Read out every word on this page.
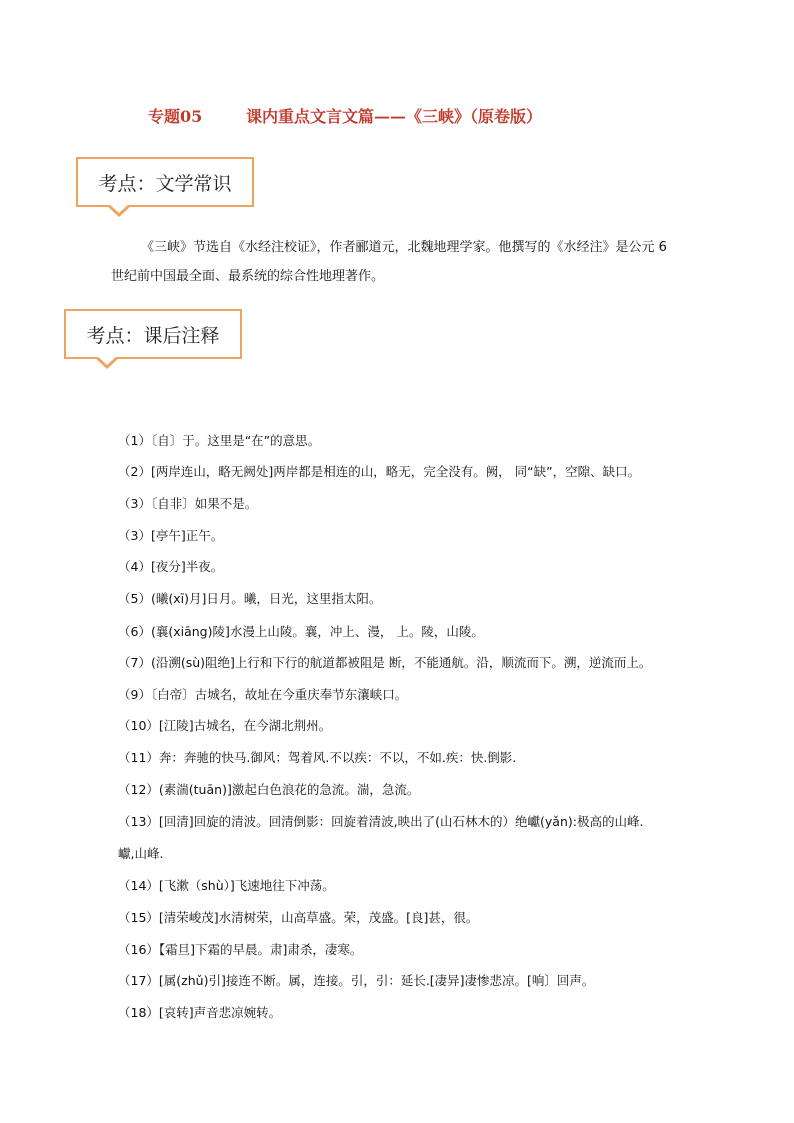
专题05	课内重点文言文篇——《三峡》（原卷版）
考点：文学常识
《三峡》节选自《水经注校证》，作者郦道元，北魏地理学家。他撰写的《水经注》是公元 6
世纪前中国最全面、最系统的综合性地理著作。
考点：课后注释
（1）〔自〕于。这里是“在”的意思。
（2）[两岸连山，略无阙处]两岸都是相连的山，略无，完全没有。阙， 同“缺”，空隙、缺口。
（3）〔自非〕如果不是。
（3）[亭午]正午。
（4）[夜分]半夜。
（5）(曦(xī)月]日月。曦，日光，这里指太阳。
（6）(襄(xiāng)陵]水漫上山陵。襄，冲上、漫， 上。陵，山陵。
（7）(沿溯(sù)阻绝]上行和下行的航道都被阻是 断，不能通航。沿，顺流而下。溯，逆流而上。
（9）〔白帝〕古城名，故址在今重庆奉节东瀼峡口。
（10）[江陵]古城名，在今湖北荆州。
（11）奔：奔驰的快马.御风：驾着风.不以疾：不以，不如.疾：快.倒影.
（12）(素湍(tuān)]激起白色浪花的急流。湍，急流。
（13）[回清]回旋的清波。回清倒影：回旋着清波,映出了(山石林木的）绝巘(yǎn):极高的山峰.
巘,山峰.
（14）[飞漱（shù）]飞速地往下冲荡。
（15）[清荣峻茂]水清树荣，山高草盛。荣，茂盛。[良]甚，很。
（16）【霜旦]下霜的早晨。肃]肃杀，凄寒。
（17）[属(zhǔ)引]接连不断。属，连接。引，引：延长.[凄异]凄惨悲凉。[响〕回声。
（18）[哀转]声音悲凉婉转。
